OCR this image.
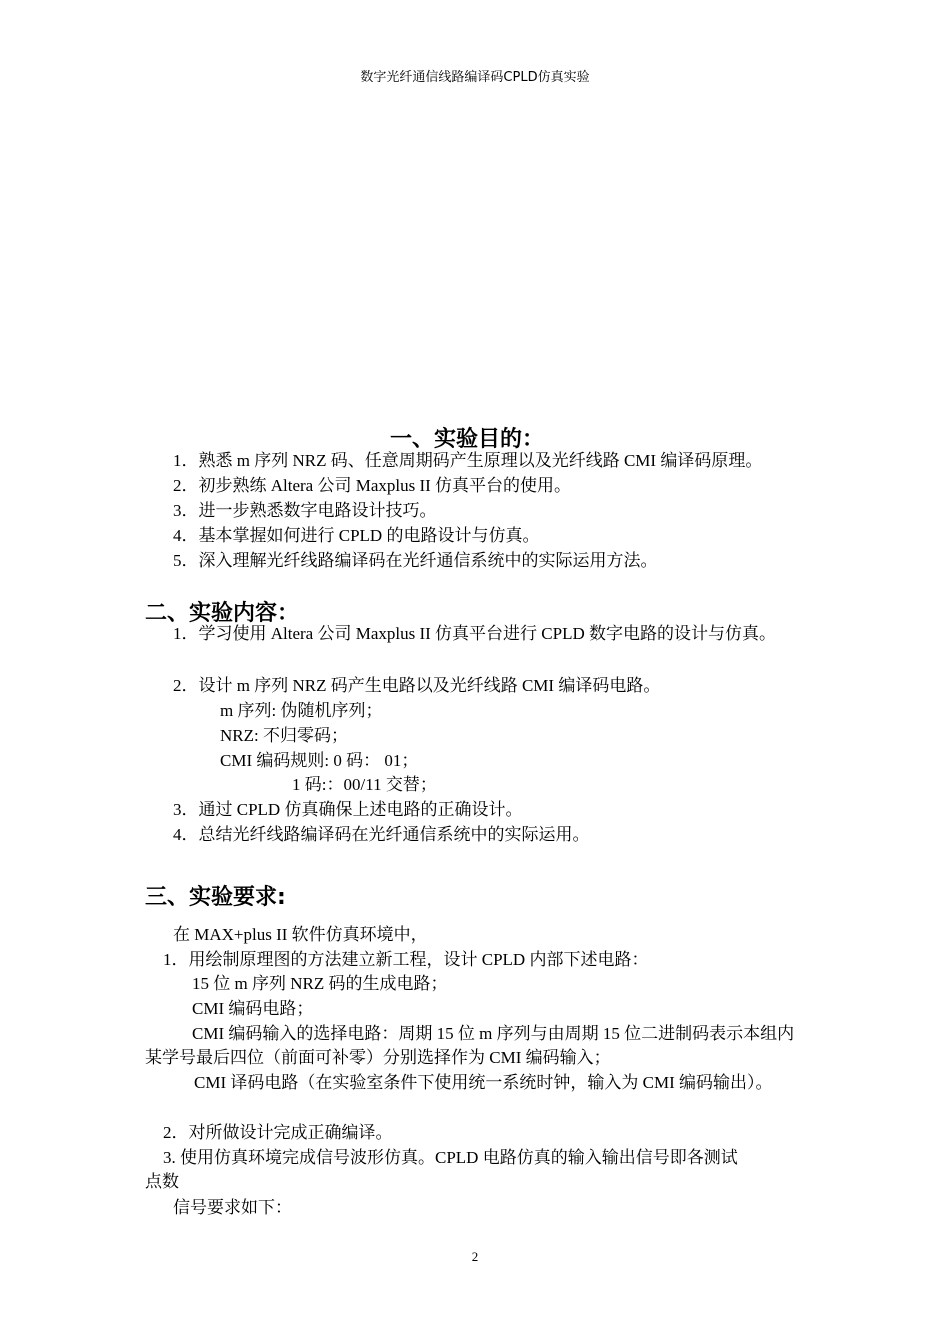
数字光纤通信线路编译码CPLD仿真实验
一、实验目的：
1．熟悉 m 序列 NRZ 码、任意周期码产生原理以及光纤线路 CMI 编译码原理。
2．初步熟练 Altera 公司 Maxplus II 仿真平台的使用。
3．进一步熟悉数字电路设计技巧。
4．基本掌握如何进行 CPLD 的电路设计与仿真。
5．深入理解光纤线路编译码在光纤通信系统中的实际运用方法。
二、实验内容：
1．学习使用 Altera 公司 Maxplus II 仿真平台进行 CPLD 数字电路的设计与仿真。
2．设计 m 序列 NRZ 码产生电路以及光纤线路 CMI 编译码电路。
m 序列: 伪随机序列；
NRZ: 不归零码；
CMI 编码规则: 0 码： 01；
1 码:：00/11 交替；
3．通过 CPLD 仿真确保上述电路的正确设计。
4．总结光纤线路编译码在光纤通信系统中的实际运用。
三、实验要求:
在 MAX+plus II 软件仿真环境中，
1．用绘制原理图的方法建立新工程，设计 CPLD 内部下述电路：
15 位 m 序列 NRZ 码的生成电路；
CMI 编码电路；
CMI 编码输入的选择电路：周期 15 位 m 序列与由周期 15 位二进制码表示本组内某学号最后四位（前面可补零）分别选择作为 CMI 编码输入；
CMI 译码电路（在实验室条件下使用统一系统时钟，输入为 CMI 编码输出）。
2．对所做设计完成正确编译。
3. 使用仿真环境完成信号波形仿真。CPLD 电路仿真的输入输出信号即各测试
点数
信号要求如下：
2
